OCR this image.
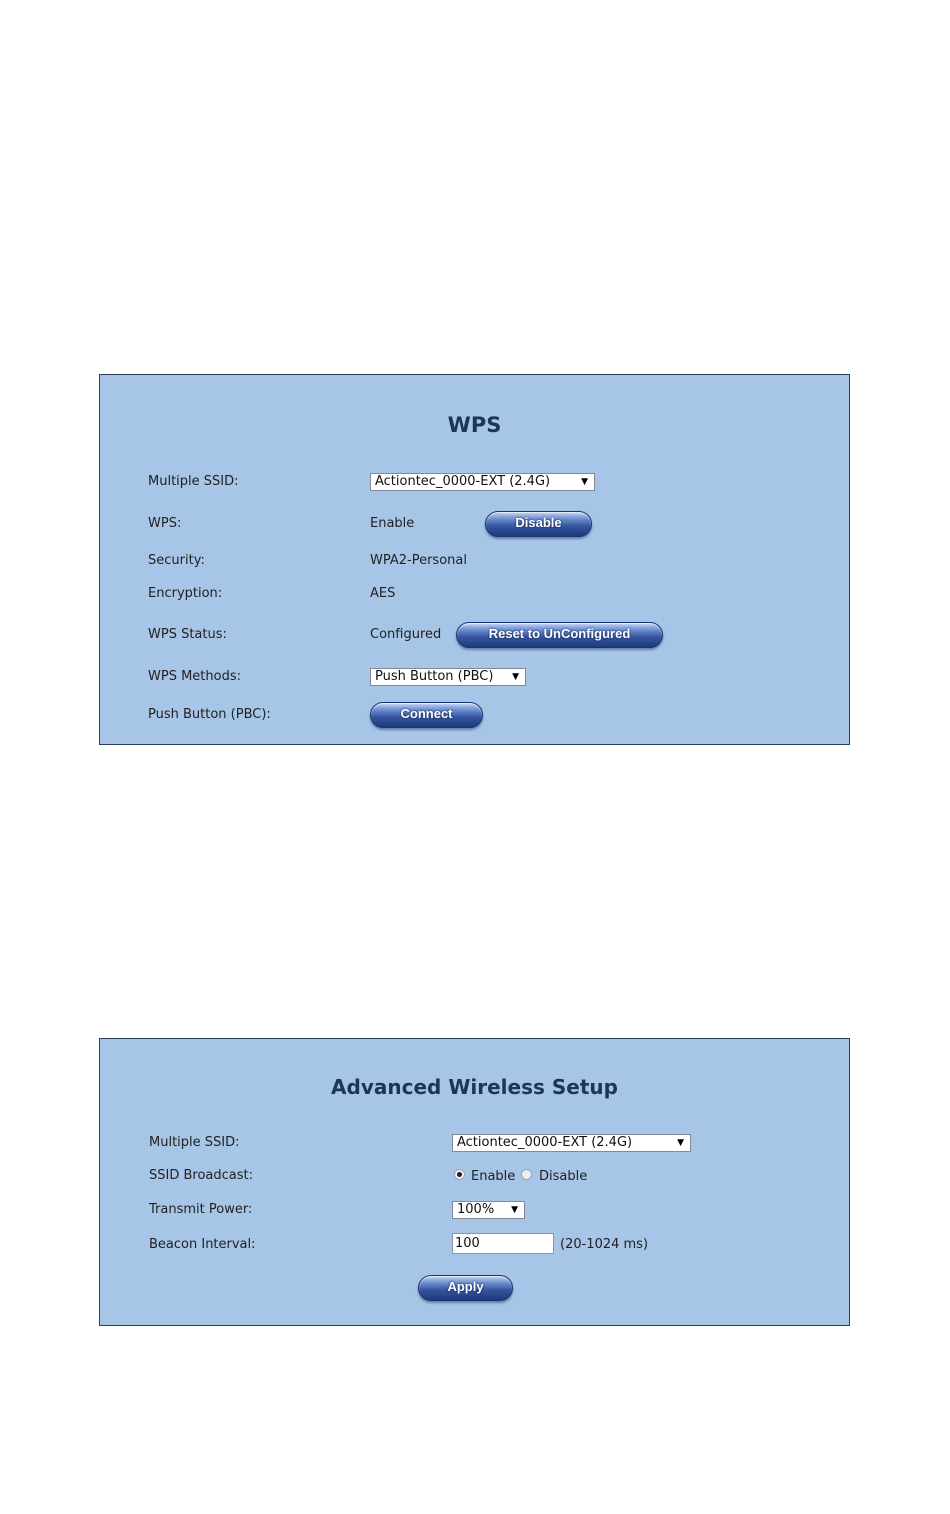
WPS
Multiple SSID:	Actiontec_0000-EXT (2.4G)	▼
WPS:	Enable	Disable
Security:	WPA2-Personal
Encryption:	AES
WPS Status:	Configured	Reset to UnConfigured
WPS Methods:	Push Button (PBC) ▼
Push Button (PBC):	Connect
Advanced Wireless Setup
Multiple SSID:	Actiontec_0000-EXT (2.4G)	▼
SSID Broadcast:	Enable Disable
Transmit Power:	100% ▼
Beacon Interval:	100	(20-1024 ms)
Apply
